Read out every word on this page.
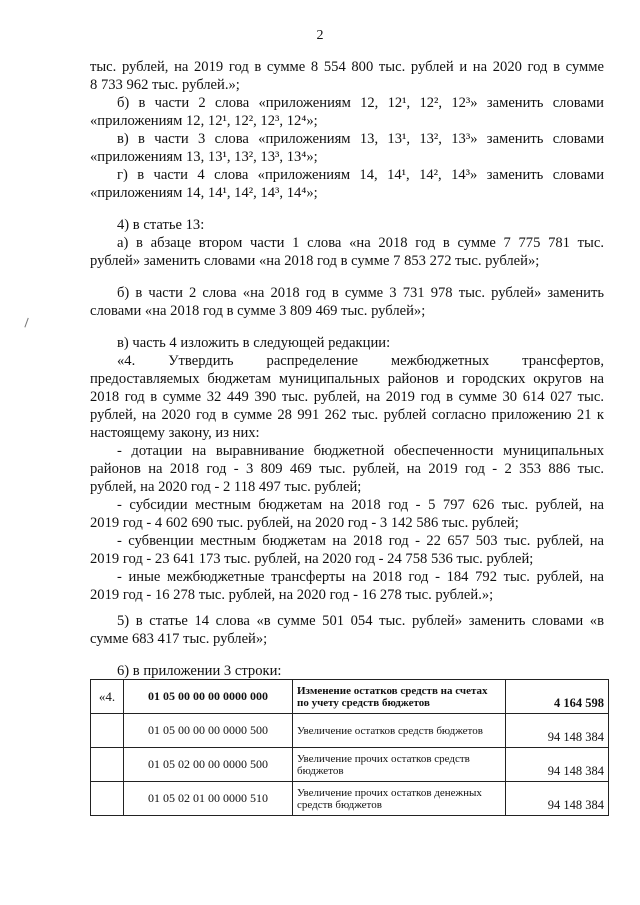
2
тыс. рублей, на 2019 год в сумме 8 554 800 тыс. рублей и на 2020 год в сумме
8 733 962 тыс. рублей.»;
б) в части 2 слова «приложениям 12, 12¹, 12², 12³» заменить словами
«приложениям 12, 12¹, 12², 12³, 12⁴»;
в) в части 3 слова «приложениям 13, 13¹, 13², 13³» заменить словами
«приложениям 13, 13¹, 13², 13³, 13⁴»;
г) в части 4 слова «приложениям 14, 14¹, 14², 14³» заменить словами
«приложениям 14, 14¹, 14², 14³, 14⁴»;
4) в статье 13:
а) в абзаце втором части 1 слова «на 2018 год в сумме 7 775 781 тыс.
рублей» заменить словами «на 2018 год в сумме 7 853 272 тыс. рублей»;
б) в части 2 слова «на 2018 год в сумме 3 731 978 тыс. рублей» заменить
словами «на 2018 год в сумме 3 809 469 тыс. рублей»;
в) часть 4 изложить в следующей редакции:
«4. Утвердить распределение межбюджетных трансфертов,
предоставляемых бюджетам муниципальных районов и городских округов на
2018 год в сумме 32 449 390 тыс. рублей, на 2019 год в сумме 30 614 027 тыс.
рублей, на 2020 год в сумме 28 991 262 тыс. рублей согласно приложению 21 к
настоящему закону, из них:
- дотации на выравнивание бюджетной обеспеченности муниципальных
районов на 2018 год - 3 809 469 тыс. рублей, на 2019 год - 2 353 886 тыс.
рублей, на 2020 год - 2 118 497 тыс. рублей;
- субсидии местным бюджетам на 2018 год - 5 797 626 тыс. рублей, на
2019 год - 4 602 690 тыс. рублей, на 2020 год - 3 142 586 тыс. рублей;
- субвенции местным бюджетам на 2018 год - 22 657 503 тыс. рублей, на
2019 год - 23 641 173 тыс. рублей, на 2020 год - 24 758 536 тыс. рублей;
- иные межбюджетные трансферты на 2018 год - 184 792 тыс. рублей, на
2019 год - 16 278 тыс. рублей, на 2020 год - 16 278 тыс. рублей.»;
5) в статье 14 слова «в сумме 501 054 тыс. рублей» заменить словами «в
сумме 683 417 тыс. рублей»;
6) в приложении 3 строки:
«4.	01 05 00 00 00 0000 000	Изменение остатков средств на счетах по учету средств бюджетов	4 164 598
	01 05 00 00 00 0000 500	Увеличение остатков средств бюджетов	94 148 384
	01 05 02 00 00 0000 500	Увеличение прочих остатков средств бюджетов	94 148 384
	01 05 02 01 00 0000 510	Увеличение прочих остатков денежных средств бюджетов	94 148 384
